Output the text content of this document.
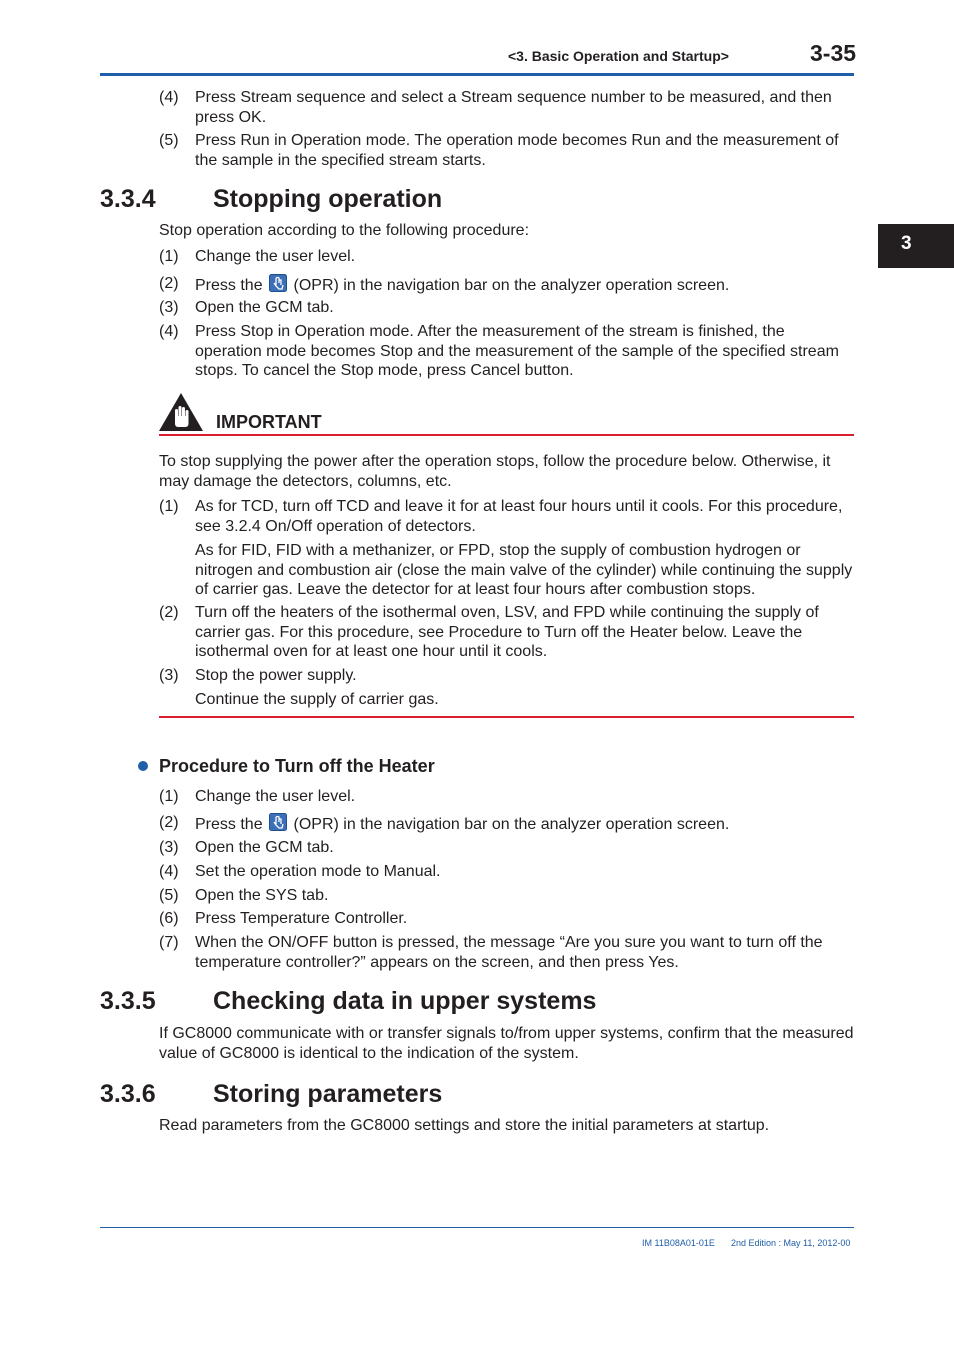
<3. Basic Operation and Startup>	3-35
3
(4) Press Stream sequence and select a Stream sequence number to be measured, and then press OK.
(5) Press Run in Operation mode. The operation mode becomes Run and the measurement of the sample in the specified stream starts.
3.3.4 Stopping operation
Stop operation according to the following procedure:
(1) Change the user level.
(2) Press the (OPR) in the navigation bar on the analyzer operation screen.
(3) Open the GCM tab.
(4) Press Stop in Operation mode. After the measurement of the stream is finished, the operation mode becomes Stop and the measurement of the sample of the specified stream stops. To cancel the Stop mode, press Cancel button.
IMPORTANT
To stop supplying the power after the operation stops, follow the procedure below. Otherwise, it may damage the detectors, columns, etc.
(1) As for TCD, turn off TCD and leave it for at least four hours until it cools. For this procedure, see 3.2.4 On/Off operation of detectors.
As for FID, FID with a methanizer, or FPD, stop the supply of combustion hydrogen or nitrogen and combustion air (close the main valve of the cylinder) while continuing the supply of carrier gas. Leave the detector for at least four hours after combustion stops.
(2) Turn off the heaters of the isothermal oven, LSV, and FPD while continuing the supply of carrier gas. For this procedure, see Procedure to Turn off the Heater below. Leave the isothermal oven for at least one hour until it cools.
(3) Stop the power supply.
Continue the supply of carrier gas.
Procedure to Turn off the Heater
(1) Change the user level.
(2) Press the (OPR) in the navigation bar on the analyzer operation screen.
(3) Open the GCM tab.
(4) Set the operation mode to Manual.
(5) Open the SYS tab.
(6) Press Temperature Controller.
(7) When the ON/OFF button is pressed, the message “Are you sure you want to turn off the temperature controller?” appears on the screen, and then press Yes.
3.3.5 Checking data in upper systems
If GC8000 communicate with or transfer signals to/from upper systems, confirm that the measured value of GC8000 is identical to the indication of the system.
3.3.6 Storing parameters
Read parameters from the GC8000 settings and store the initial parameters at startup.
IM 11B08A01-01E 2nd Edition : May 11, 2012-00
